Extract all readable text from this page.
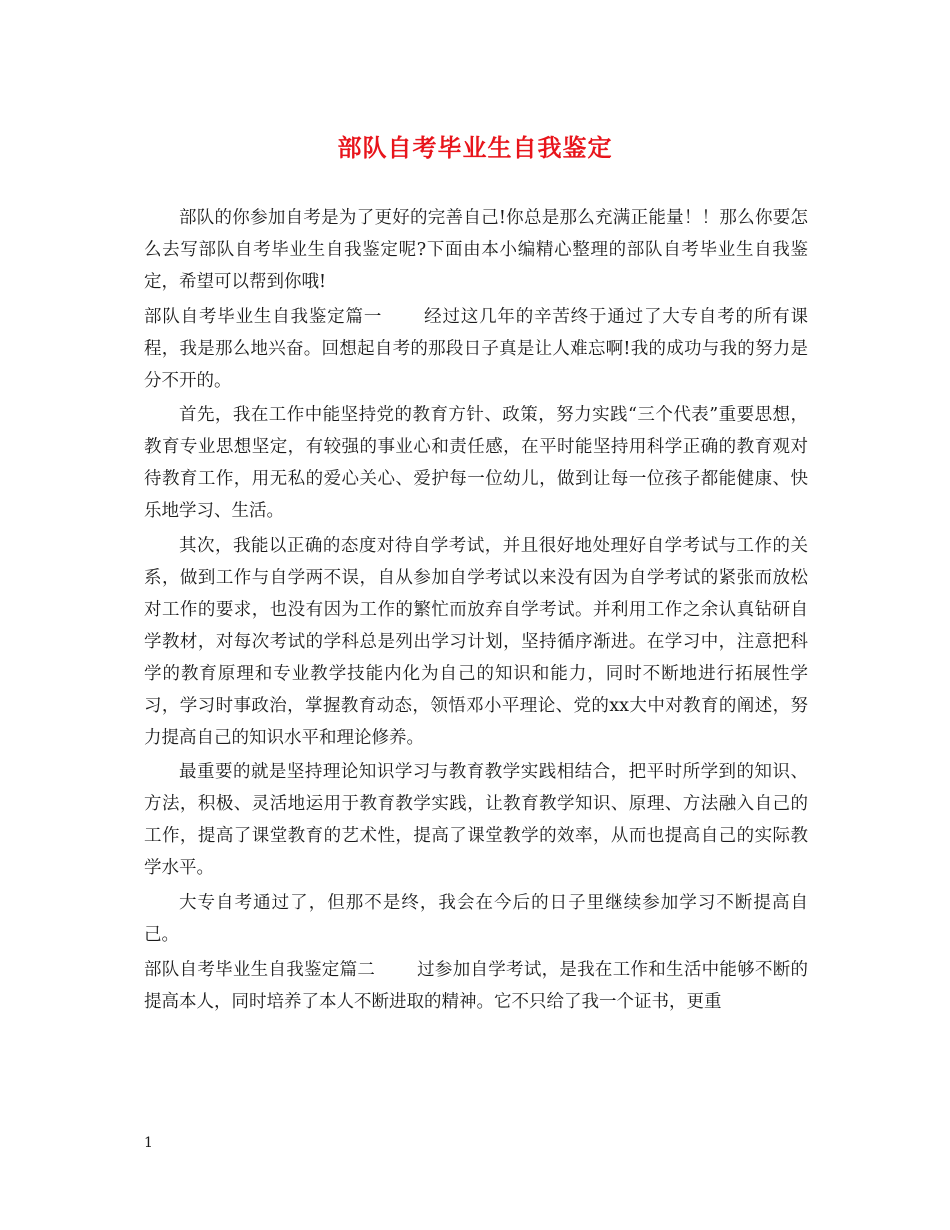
部队自考毕业生自我鉴定

部队的你参加自考是为了更好的完善自己!你总是那么充满正能量！！那么你要怎么去写部队自考毕业生自我鉴定呢?下面由本小编精心整理的部队自考毕业生自我鉴定，希望可以帮到你哦!

部队自考毕业生自我鉴定篇一 经过这几年的辛苦终于通过了大专自考的所有课程，我是那么地兴奋。回想起自考的那段日子真是让人难忘啊!我的成功与我的努力是分不开的。

首先，我在工作中能坚持党的教育方针、政策，努力实践“三个代表”重要思想，教育专业思想坚定，有较强的事业心和责任感，在平时能坚持用科学正确的教育观对待教育工作，用无私的爱心关心、爱护每一位幼儿，做到让每一位孩子都能健康、快乐地学习、生活。

其次，我能以正确的态度对待自学考试，并且很好地处理好自学考试与工作的关系，做到工作与自学两不误，自从参加自学考试以来没有因为自学考试的紧张而放松对工作的要求，也没有因为工作的繁忙而放弃自学考试。并利用工作之余认真钻研自学教材，对每次考试的学科总是列出学习计划，坚持循序渐进。在学习中，注意把科学的教育原理和专业教学技能内化为自己的知识和能力，同时不断地进行拓展性学习，学习时事政治，掌握教育动态，领悟邓小平理论、党的xx大中对教育的阐述，努力提高自己的知识水平和理论修养。

最重要的就是坚持理论知识学习与教育教学实践相结合，把平时所学到的知识、方法，积极、灵活地运用于教育教学实践，让教育教学知识、原理、方法融入自己的工作，提高了课堂教育的艺术性，提高了课堂教学的效率，从而也提高自己的实际教学水平。

大专自考通过了，但那不是终，我会在今后的日子里继续参加学习不断提高自己。

部队自考毕业生自我鉴定篇二 过参加自学考试，是我在工作和生活中能够不断的提高本人，同时培养了本人不断进取的精神。它不只给了我一个证书，更重

1
